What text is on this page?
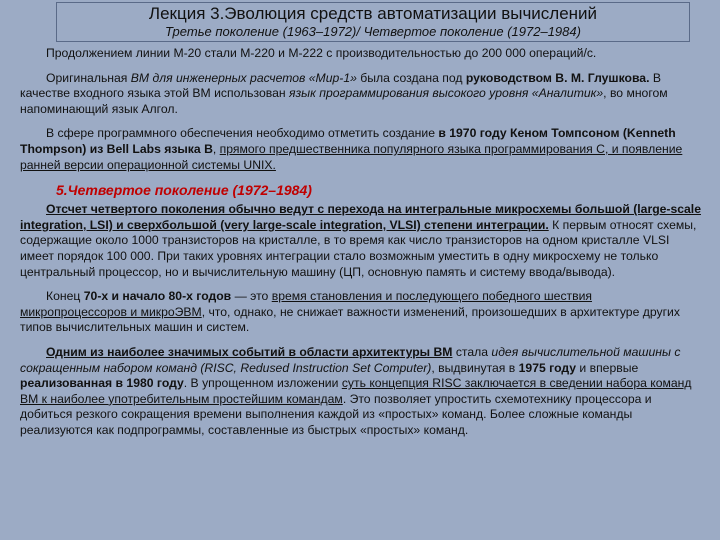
Лекция 3.Эволюция средств автоматизации вычислений
Третье поколение (1963–1972)/ Четвертое поколение (1972–1984)

Продолжением линии М-20 стали М-220 и М-222 с производительностью до 200 000 операций/с.

Оригинальная ВМ для инженерных расчетов «Мир-1» была создана под руководством В. М. Глушкова. В качестве входного языка этой ВМ использован язык программирования высокого уровня «Аналитик», во многом напоминающий язык Алгол.

В сфере программного обеспечения необходимо отметить создание в 1970 году Кеном Томпсоном (Kenneth Thompson) из Bell Labs языка B, прямого предшественника популярного языка программирования C, и появление ранней версии операционной системы UNIX.

5.Четвертое поколение (1972–1984)

Отсчет четвертого поколения обычно ведут с перехода на интегральные микросхемы большой (large-scale integration, LSI) и сверхбольшой (very large-scale integration, VLSI) степени интеграции. К первым относят схемы, содержащие около 1000 транзисторов на кристалле, в то время как число транзисторов на одном кристалле VLSI имеет порядок 100 000. При таких уровнях интеграции стало возможным уместить в одну микросхему не только центральный процессор, но и вычислительную машину (ЦП, основную память и систему ввода/вывода).

Конец 70-х и начало 80-х годов — это время становления и последующего победного шествия микропроцессоров и микроЭВМ, что, однако, не снижает важности изменений, произошедших в архитектуре других типов вычислительных машин и систем.

Одним из наиболее значимых событий в области архитектуры ВМ стала идея вычислительной машины с сокращенным набором команд (RISC, Redused Instruction Set Computer), выдвинутая в 1975 году и впервые реализованная в 1980 году. В упрощенном изложении суть концепция RISC заключается в сведении набора команд ВМ к наиболее употребительным простейшим командам. Это позволяет упростить схемотехнику процессора и добиться резкого сокращения времени выполнения каждой из «простых» команд. Более сложные команды реализуются как подпрограммы, составленные из быстрых «простых» команд.
